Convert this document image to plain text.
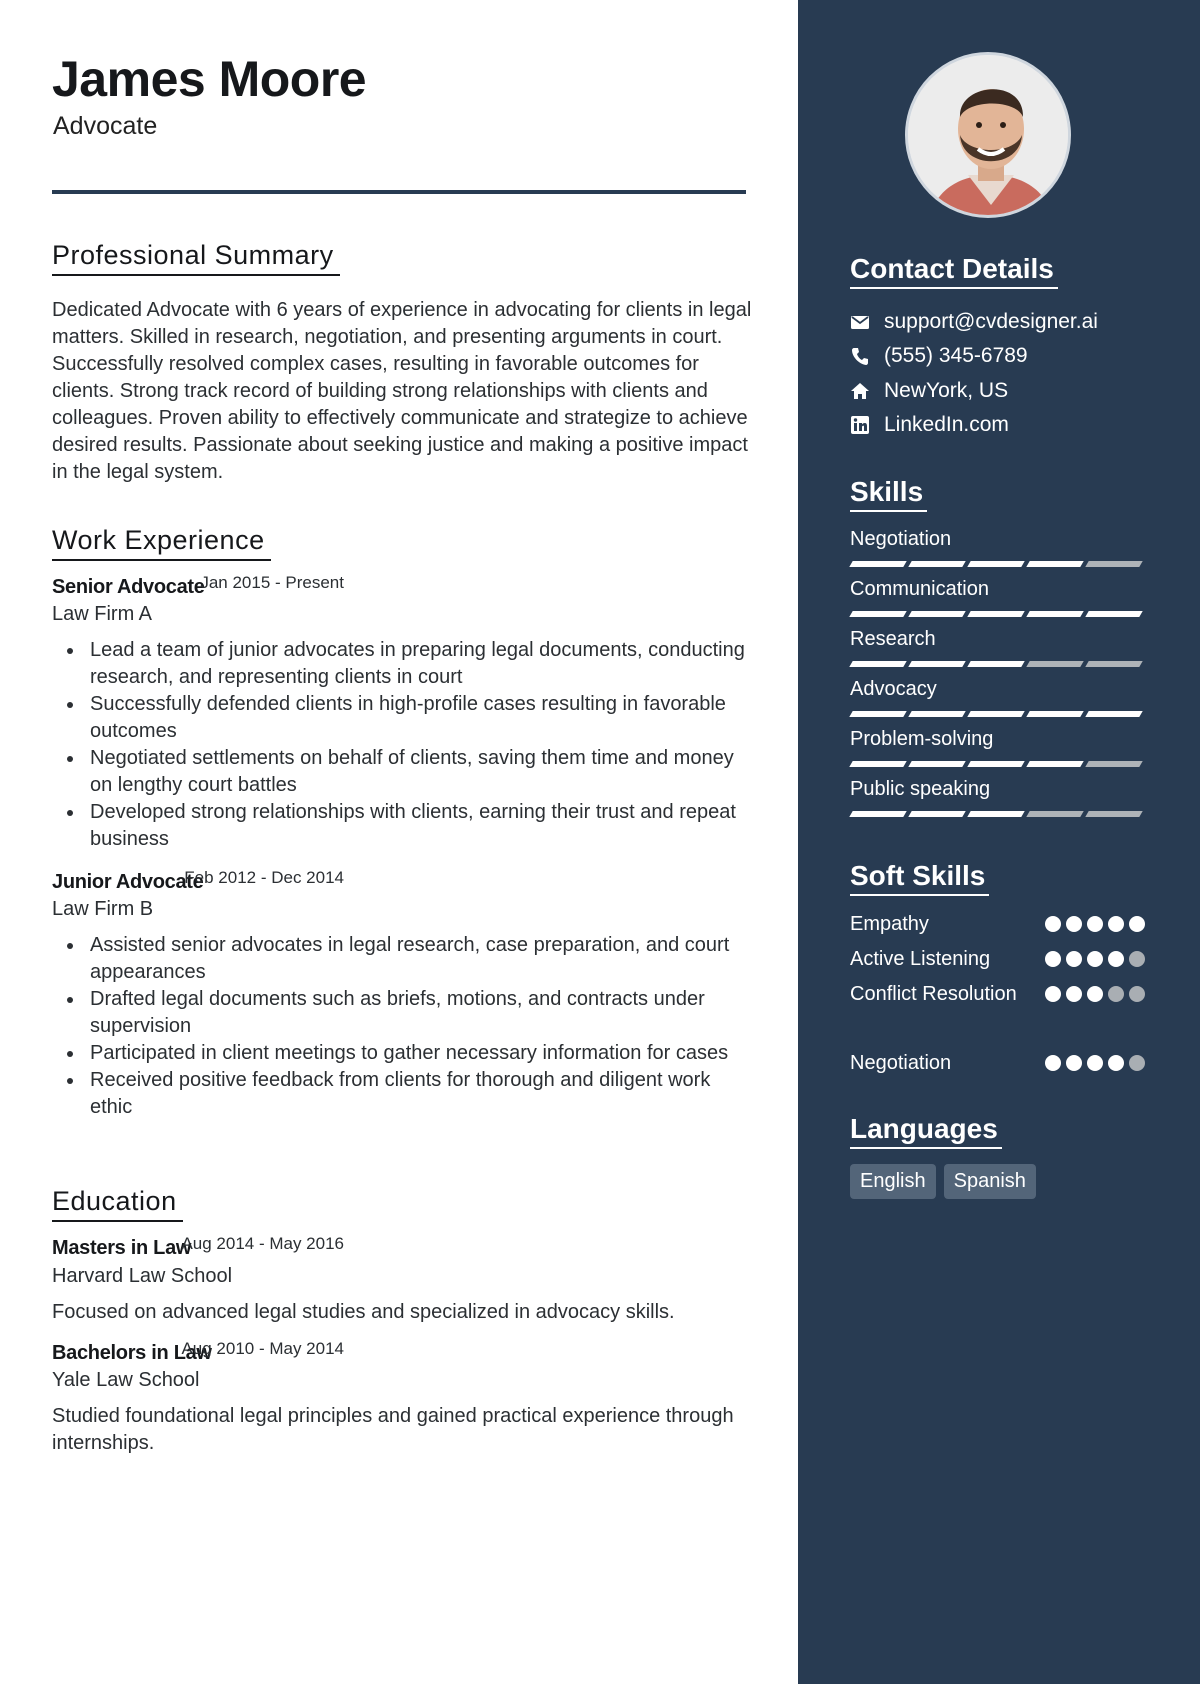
James Moore
Advocate
Professional Summary
Dedicated Advocate with 6 years of experience in advocating for clients in legal matters. Skilled in research, negotiation, and presenting arguments in court. Successfully resolved complex cases, resulting in favorable outcomes for clients. Strong track record of building strong relationships with clients and colleagues. Proven ability to effectively communicate and strategize to achieve desired results. Passionate about seeking justice and making a positive impact in the legal system.
Work Experience
Senior Advocate
Jan 2015 - Present
Law Firm A
Lead a team of junior advocates in preparing legal documents, conducting research, and representing clients in court
Successfully defended clients in high-profile cases resulting in favorable outcomes
Negotiated settlements on behalf of clients, saving them time and money on lengthy court battles
Developed strong relationships with clients, earning their trust and repeat business
Junior Advocate
Feb 2012 - Dec 2014
Law Firm B
Assisted senior advocates in legal research, case preparation, and court appearances
Drafted legal documents such as briefs, motions, and contracts under supervision
Participated in client meetings to gather necessary information for cases
Received positive feedback from clients for thorough and diligent work ethic
Education
Masters in Law
Aug 2014 - May 2016
Harvard Law School
Focused on advanced legal studies and specialized in advocacy skills.
Bachelors in Law
Aug 2010 - May 2014
Yale Law School
Studied foundational legal principles and gained practical experience through internships.
Contact Details
support@cvdesigner.ai
(555) 345-6789
NewYork, US
LinkedIn.com
Skills
Negotiation
Communication
Research
Advocacy
Problem-solving
Public speaking
Soft Skills
Empathy
Active Listening
Conflict Resolution
Negotiation
Languages
English	Spanish
